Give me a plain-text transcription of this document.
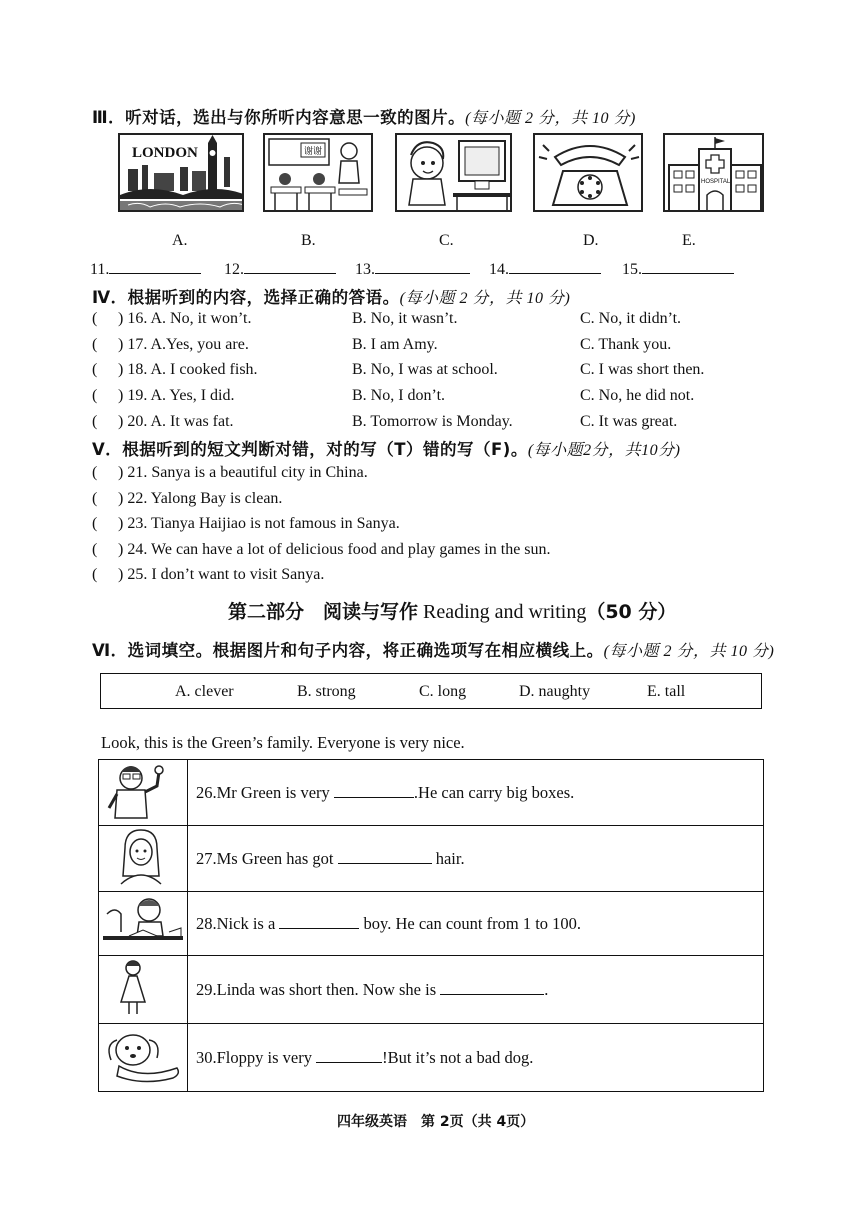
Ⅲ．听对话，选出与你所听内容意思一致的图片。(每小题 2 分，共 10 分)
LONDON	谢谢
HOSPITAL
A.	B.	C.	D.	E.
11.	12.	13.	14.	15.
Ⅳ．根据听到的内容，选择正确的答语。(每小题 2 分，共 10 分)
( ) 16. A. No, it won’t.	B. No, it wasn’t.	C. No, it didn’t.
( ) 17. A.Yes, you are.	B. I am Amy.	C. Thank you.
( ) 18. A. I cooked fish.	B. No, I was at school.	C. I was short then.
( ) 19. A. Yes, I did.	B. No, I don’t.	C. No, he did not.
( ) 20. A. It was fat.	B. Tomorrow is Monday.	C. It was great.
Ⅴ．根据听到的短文判断对错，对的写（T）错的写（F)。(每小题2分，共10分)
( ) 21. Sanya is a beautiful city in China.
( ) 22. Yalong Bay is clean.
( ) 23. Tianya Haijiao is not famous in Sanya.
( ) 24. We can have a lot of delicious food and play games in the sun.
( ) 25. I don’t want to visit Sanya.
第二部分　阅读与写作 Reading and writing（50 分）
Ⅵ．选词填空。根据图片和句子内容，将正确选项写在相应横线上。(每小题 2 分，共 10 分)
A. clever	B. strong	C. long	D. naughty	E. tall
Look, this is the Green’s family. Everyone is very nice.
	26.Mr Green is very .He can carry big boxes.
	27.Ms Green has got hair.
	28.Nick is a boy. He can count from 1 to 100.
	29.Linda was short then. Now she is .
	30.Floppy is very !But it’s not a bad dog.
四年级英语　第 2页（共 4页）
